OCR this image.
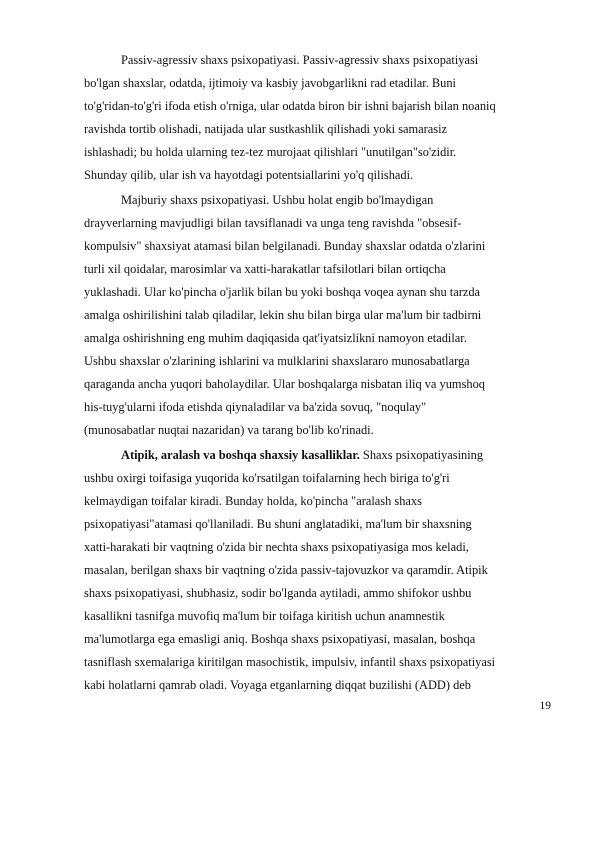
Passiv-agressiv shaxs psixopatiyasi. Passiv-agressiv shaxs psixopatiyasi
bo'lgan shaxslar, odatda, ijtimoiy va kasbiy javobgarlikni rad etadilar. Buni
to'g'ridan-to'g'ri ifoda etish o'rniga, ular odatda biron bir ishni bajarish bilan noaniq
ravishda tortib olishadi, natijada ular sustkashlik qilishadi yoki samarasiz
ishlashadi; bu holda ularning tez-tez murojaat qilishlari "unutilgan"so'zidir.
Shunday qilib, ular ish va hayotdagi potentsiallarini yo'q qilishadi.
Majburiy shaxs psixopatiyasi. Ushbu holat engib bo'lmaydigan
drayverlarning mavjudligi bilan tavsiflanadi va unga teng ravishda "obsesif-
kompulsiv" shaxsiyat atamasi bilan belgilanadi. Bunday shaxslar odatda o'zlarini
turli xil qoidalar, marosimlar va xatti-harakatlar tafsilotlari bilan ortiqcha
yuklashadi. Ular ko'pincha o'jarlik bilan bu yoki boshqa voqea aynan shu tarzda
amalga oshirilishini talab qiladilar, lekin shu bilan birga ular ma'lum bir tadbirni
amalga oshirishning eng muhim daqiqasida qat'iyatsizlikni namoyon etadilar.
Ushbu shaxslar o'zlarining ishlarini va mulklarini shaxslararo munosabatlarga
qaraganda ancha yuqori baholaydilar. Ular boshqalarga nisbatan iliq va yumshoq
his-tuyg'ularni ifoda etishda qiynaladilar va ba'zida sovuq, "noqulay"
(munosabatlar nuqtai nazaridan) va tarang bo'lib ko'rinadi.
Atipik, aralash va boshqa shaxsiy kasalliklar. Shaxs psixopatiyasining
ushbu oxirgi toifasiga yuqorida ko'rsatilgan toifalarning hech biriga to'g'ri
kelmaydigan toifalar kiradi. Bunday holda, ko'pincha "aralash shaxs
psixopatiyasi"atamasi qo'llaniladi. Bu shuni anglatadiki, ma'lum bir shaxsning
xatti-harakati bir vaqtning o'zida bir nechta shaxs psixopatiyasiga mos keladi,
masalan, berilgan shaxs bir vaqtning o'zida passiv-tajovuzkor va qaramdir. Atipik
shaxs psixopatiyasi, shubhasiz, sodir bo'lganda aytiladi, ammo shifokor ushbu
kasallikni tasnifga muvofiq ma'lum bir toifaga kiritish uchun anamnestik
ma'lumotlarga ega emasligi aniq. Boshqa shaxs psixopatiyasi, masalan, boshqa
tasniflash sxemalariga kiritilgan masochistik, impulsiv, infantil shaxs psixopatiyasi
kabi holatlarni qamrab oladi. Voyaga etganlarning diqqat buzilishi (ADD) deb
19
